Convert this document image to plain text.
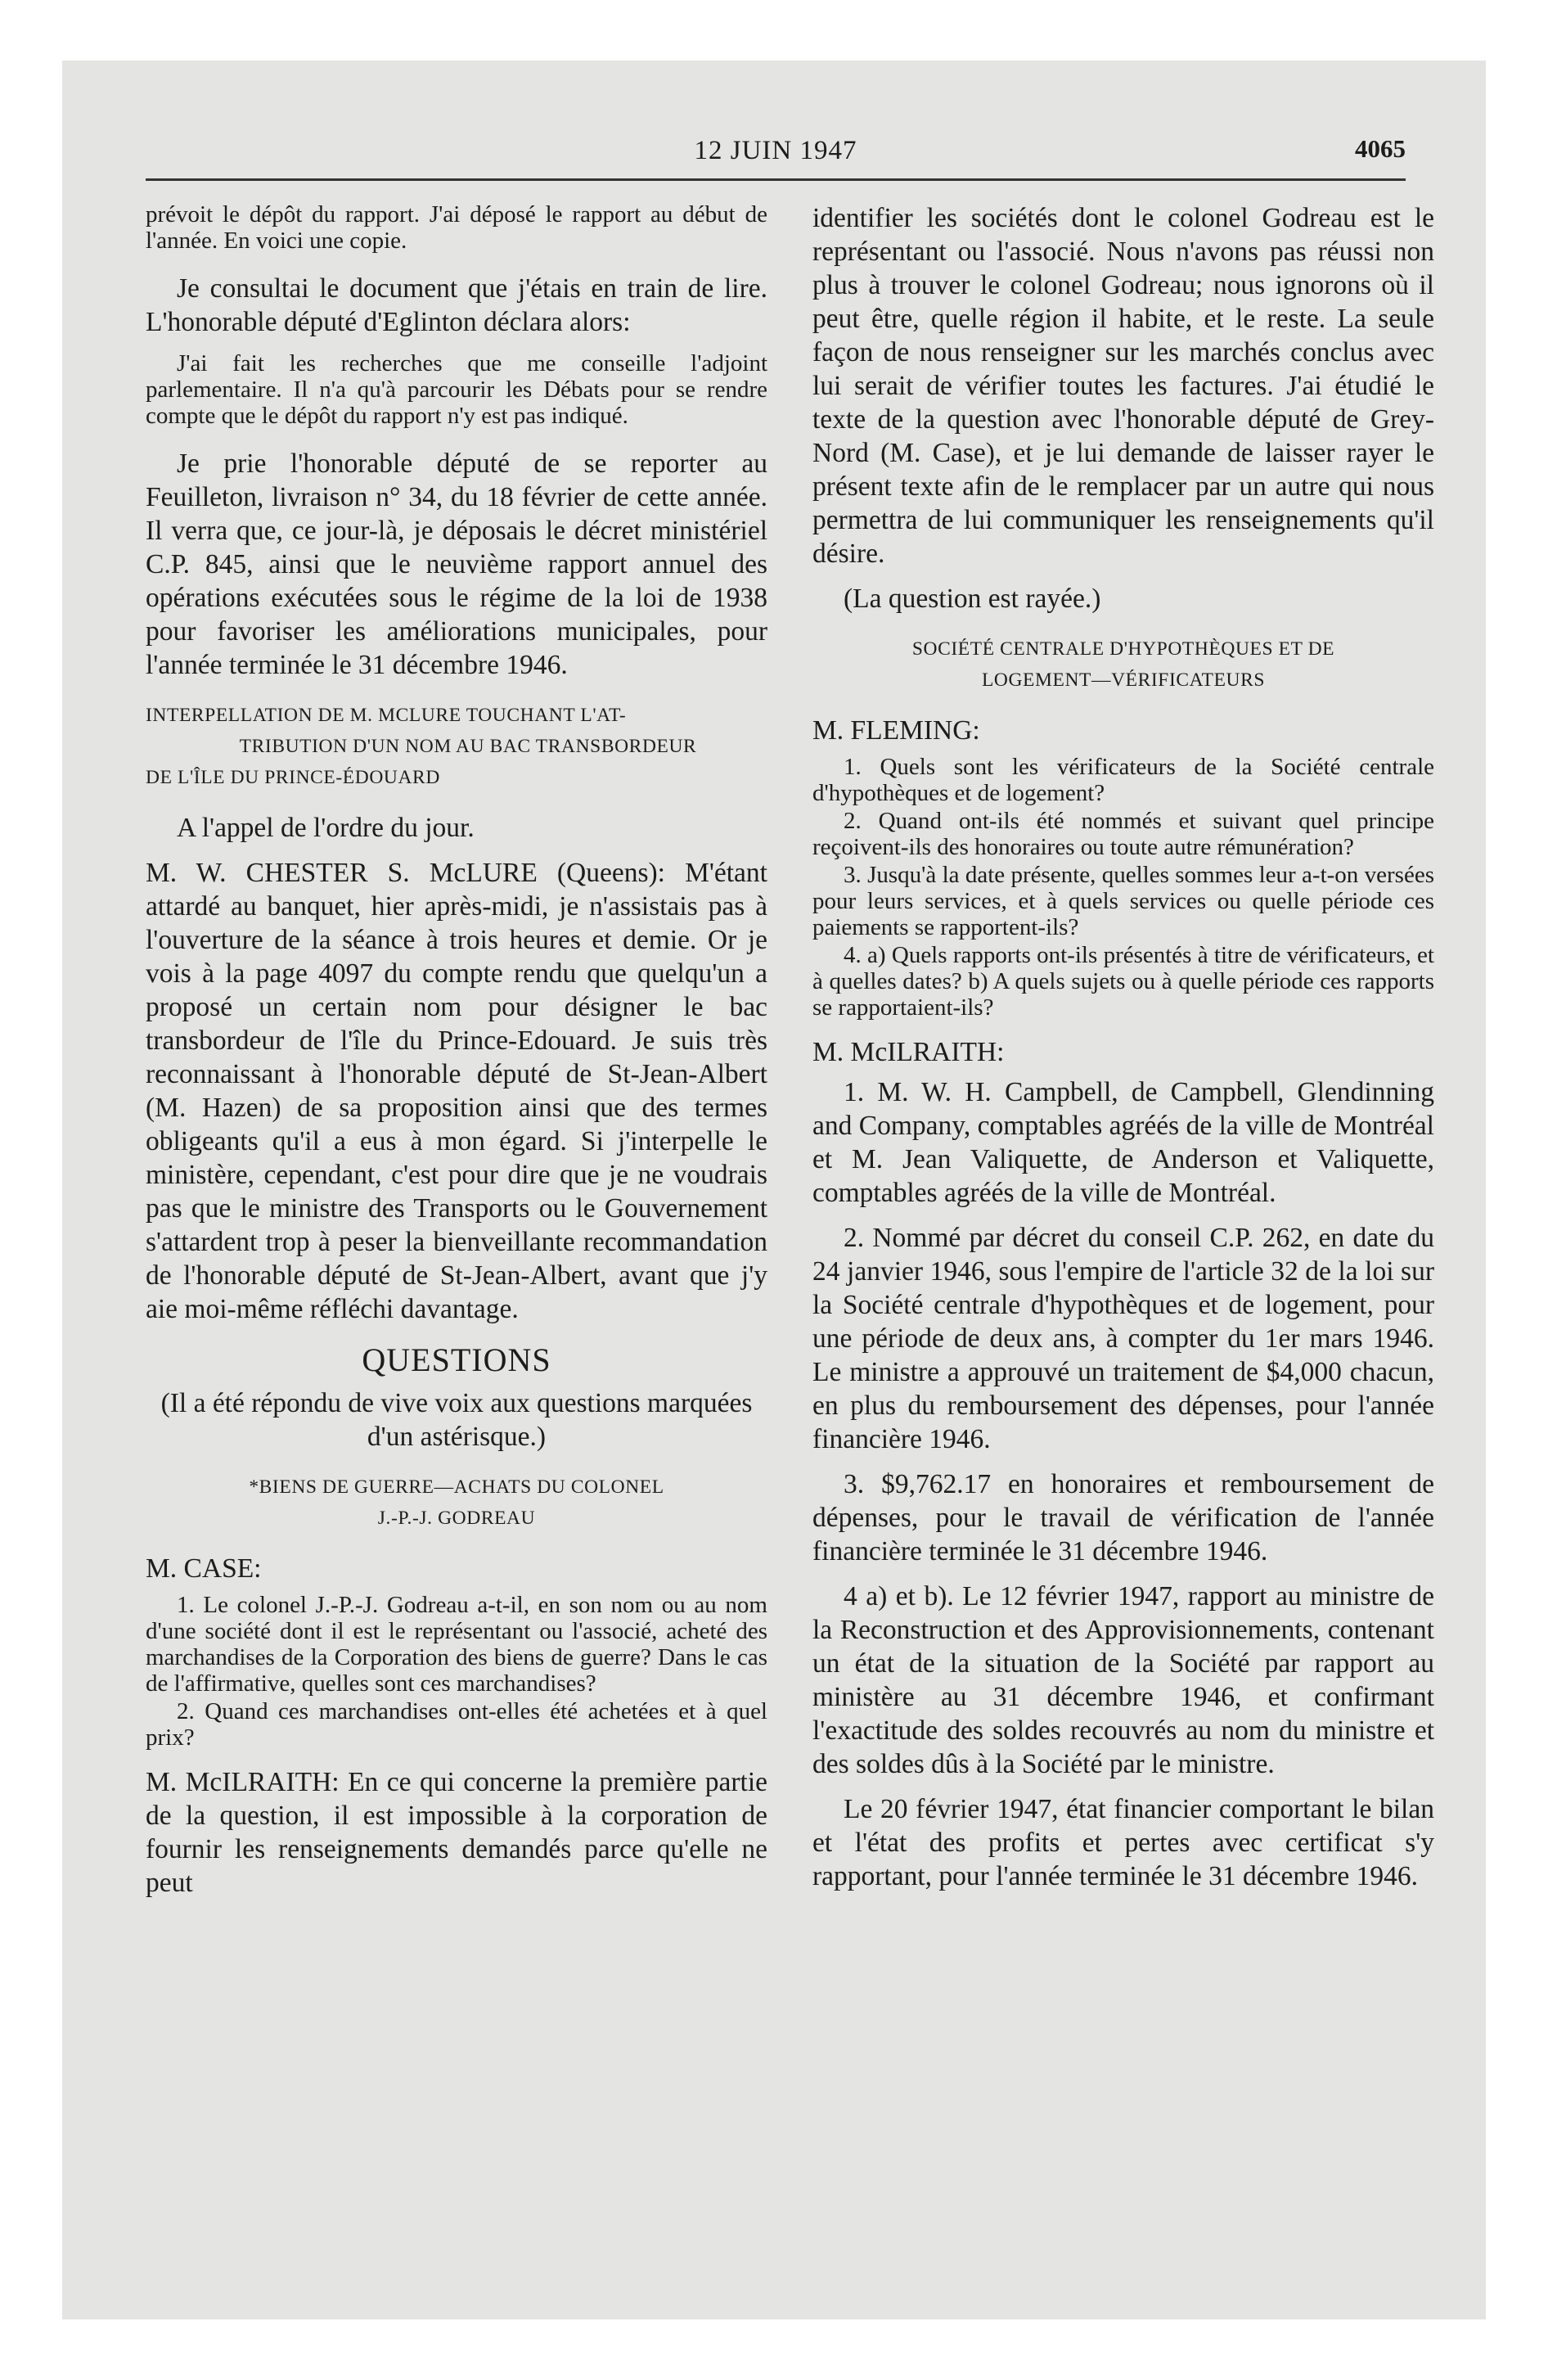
12 JUIN 1947	4065

prévoit le dépôt du rapport. J'ai déposé le rapport au début de l'année. En voici une copie.

Je consultai le document que j'étais en train de lire. L'honorable député d'Eglinton déclara alors:

J'ai fait les recherches que me conseille l'adjoint parlementaire. Il n'a qu'à parcourir les Débats pour se rendre compte que le dépôt du rapport n'y est pas indiqué.

Je prie l'honorable député de se reporter au Feuilleton, livraison n° 34, du 18 février de cette année. Il verra que, ce jour-là, je déposais le décret ministériel C.P. 845, ainsi que le neuvième rapport annuel des opérations exécutées sous le régime de la loi de 1938 pour favoriser les améliorations municipales, pour l'année terminée le 31 décembre 1946.

INTERPELLATION DE M. MCLURE TOUCHANT L'AT-
TRIBUTION D'UN NOM AU BAC TRANSBORDEUR
DE L'ÎLE DU PRINCE-ÉDOUARD

A l'appel de l'ordre du jour.

M. W. CHESTER S. McLURE (Queens): M'étant attardé au banquet, hier après-midi, je n'assistais pas à l'ouverture de la séance à trois heures et demie. Or je vois à la page 4097 du compte rendu que quelqu'un a proposé un certain nom pour désigner le bac transbordeur de l'île du Prince-Edouard. Je suis très reconnaissant à l'honorable député de St-Jean-Albert (M. Hazen) de sa proposition ainsi que des termes obligeants qu'il a eus à mon égard. Si j'interpelle le ministère, cependant, c'est pour dire que je ne voudrais pas que le ministre des Transports ou le Gouvernement s'attardent trop à peser la bienveillante recommandation de l'honorable député de St-Jean-Albert, avant que j'y aie moi-même réfléchi davantage.

QUESTIONS

(Il a été répondu de vive voix aux questions marquées d'un astérisque.)

*BIENS DE GUERRE—ACHATS DU COLONEL
J.-P.-J. GODREAU

M. CASE:

1. Le colonel J.-P.-J. Godreau a-t-il, en son nom ou au nom d'une société dont il est le représentant ou l'associé, acheté des marchandises de la Corporation des biens de guerre? Dans le cas de l'affirmative, quelles sont ces marchandises?

2. Quand ces marchandises ont-elles été achetées et à quel prix?

M. McILRAITH: En ce qui concerne la première partie de la question, il est impossible à la corporation de fournir les renseignements demandés parce qu'elle ne peut

identifier les sociétés dont le colonel Godreau est le représentant ou l'associé. Nous n'avons pas réussi non plus à trouver le colonel Godreau; nous ignorons où il peut être, quelle région il habite, et le reste. La seule façon de nous renseigner sur les marchés conclus avec lui serait de vérifier toutes les factures. J'ai étudié le texte de la question avec l'honorable député de Grey-Nord (M. Case), et je lui demande de laisser rayer le présent texte afin de le remplacer par un autre qui nous permettra de lui communiquer les renseignements qu'il désire.

(La question est rayée.)

SOCIÉTÉ CENTRALE D'HYPOTHÈQUES ET DE
LOGEMENT—VÉRIFICATEURS

M. FLEMING:

1. Quels sont les vérificateurs de la Société centrale d'hypothèques et de logement?

2. Quand ont-ils été nommés et suivant quel principe reçoivent-ils des honoraires ou toute autre rémunération?

3. Jusqu'à la date présente, quelles sommes leur a-t-on versées pour leurs services, et à quels services ou quelle période ces paiements se rapportent-ils?

4. a) Quels rapports ont-ils présentés à titre de vérificateurs, et à quelles dates? b) A quels sujets ou à quelle période ces rapports se rapportaient-ils?

M. McILRAITH:

1. M. W. H. Campbell, de Campbell, Glendinning and Company, comptables agréés de la ville de Montréal et M. Jean Valiquette, de Anderson et Valiquette, comptables agréés de la ville de Montréal.

2. Nommé par décret du conseil C.P. 262, en date du 24 janvier 1946, sous l'empire de l'article 32 de la loi sur la Société centrale d'hypothèques et de logement, pour une période de deux ans, à compter du 1er mars 1946. Le ministre a approuvé un traitement de $4,000 chacun, en plus du remboursement des dépenses, pour l'année financière 1946.

3. $9,762.17 en honoraires et remboursement de dépenses, pour le travail de vérification de l'année financière terminée le 31 décembre 1946.

4 a) et b). Le 12 février 1947, rapport au ministre de la Reconstruction et des Approvisionnements, contenant un état de la situation de la Société par rapport au ministère au 31 décembre 1946, et confirmant l'exactitude des soldes recouvrés au nom du ministre et des soldes dûs à la Société par le ministre.

Le 20 février 1947, état financier comportant le bilan et l'état des profits et pertes avec certificat s'y rapportant, pour l'année terminée le 31 décembre 1946.
